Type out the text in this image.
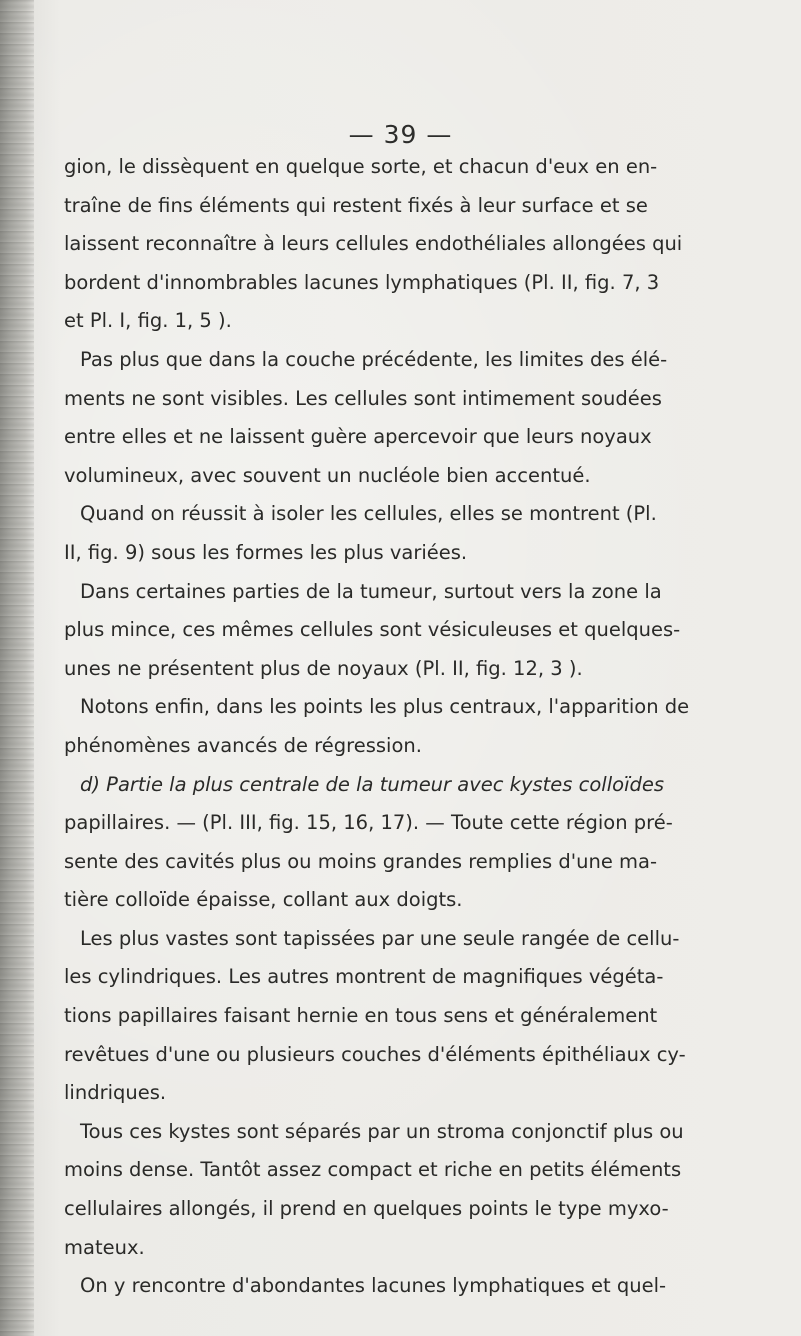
— 39 —
gion, le dissèquent en quelque sorte, et chacun d'eux en en-
traîne de fins éléments qui restent fixés à leur surface et se
laissent reconnaître à leurs cellules endothéliales allongées qui
bordent d'innombrables lacunes lymphatiques (Pl. II, fig. 7, 3
et Pl. I, fig. 1, 5 ).
Pas plus que dans la couche précédente, les limites des élé-
ments ne sont visibles. Les cellules sont intimement soudées
entre elles et ne laissent guère apercevoir que leurs noyaux
volumineux, avec souvent un nucléole bien accentué.
Quand on réussit à isoler les cellules, elles se montrent (Pl.
II, fig. 9) sous les formes les plus variées.
Dans certaines parties de la tumeur, surtout vers la zone la
plus mince, ces mêmes cellules sont vésiculeuses et quelques-
unes ne présentent plus de noyaux (Pl. II, fig. 12, 3 ).
Notons enfin, dans les points les plus centraux, l'apparition de
phénomènes avancés de régression.
d) Partie la plus centrale de la tumeur avec kystes colloïdes
papillaires. — (Pl. III, fig. 15, 16, 17). — Toute cette région pré-
sente des cavités plus ou moins grandes remplies d'une ma-
tière colloïde épaisse, collant aux doigts.
Les plus vastes sont tapissées par une seule rangée de cellu-
les cylindriques. Les autres montrent de magnifiques végéta-
tions papillaires faisant hernie en tous sens et généralement
revêtues d'une ou plusieurs couches d'éléments épithéliaux cy-
lindriques.
Tous ces kystes sont séparés par un stroma conjonctif plus ou
moins dense. Tantôt assez compact et riche en petits éléments
cellulaires allongés, il prend en quelques points le type myxo-
mateux.
On y rencontre d'abondantes lacunes lymphatiques et quel-
